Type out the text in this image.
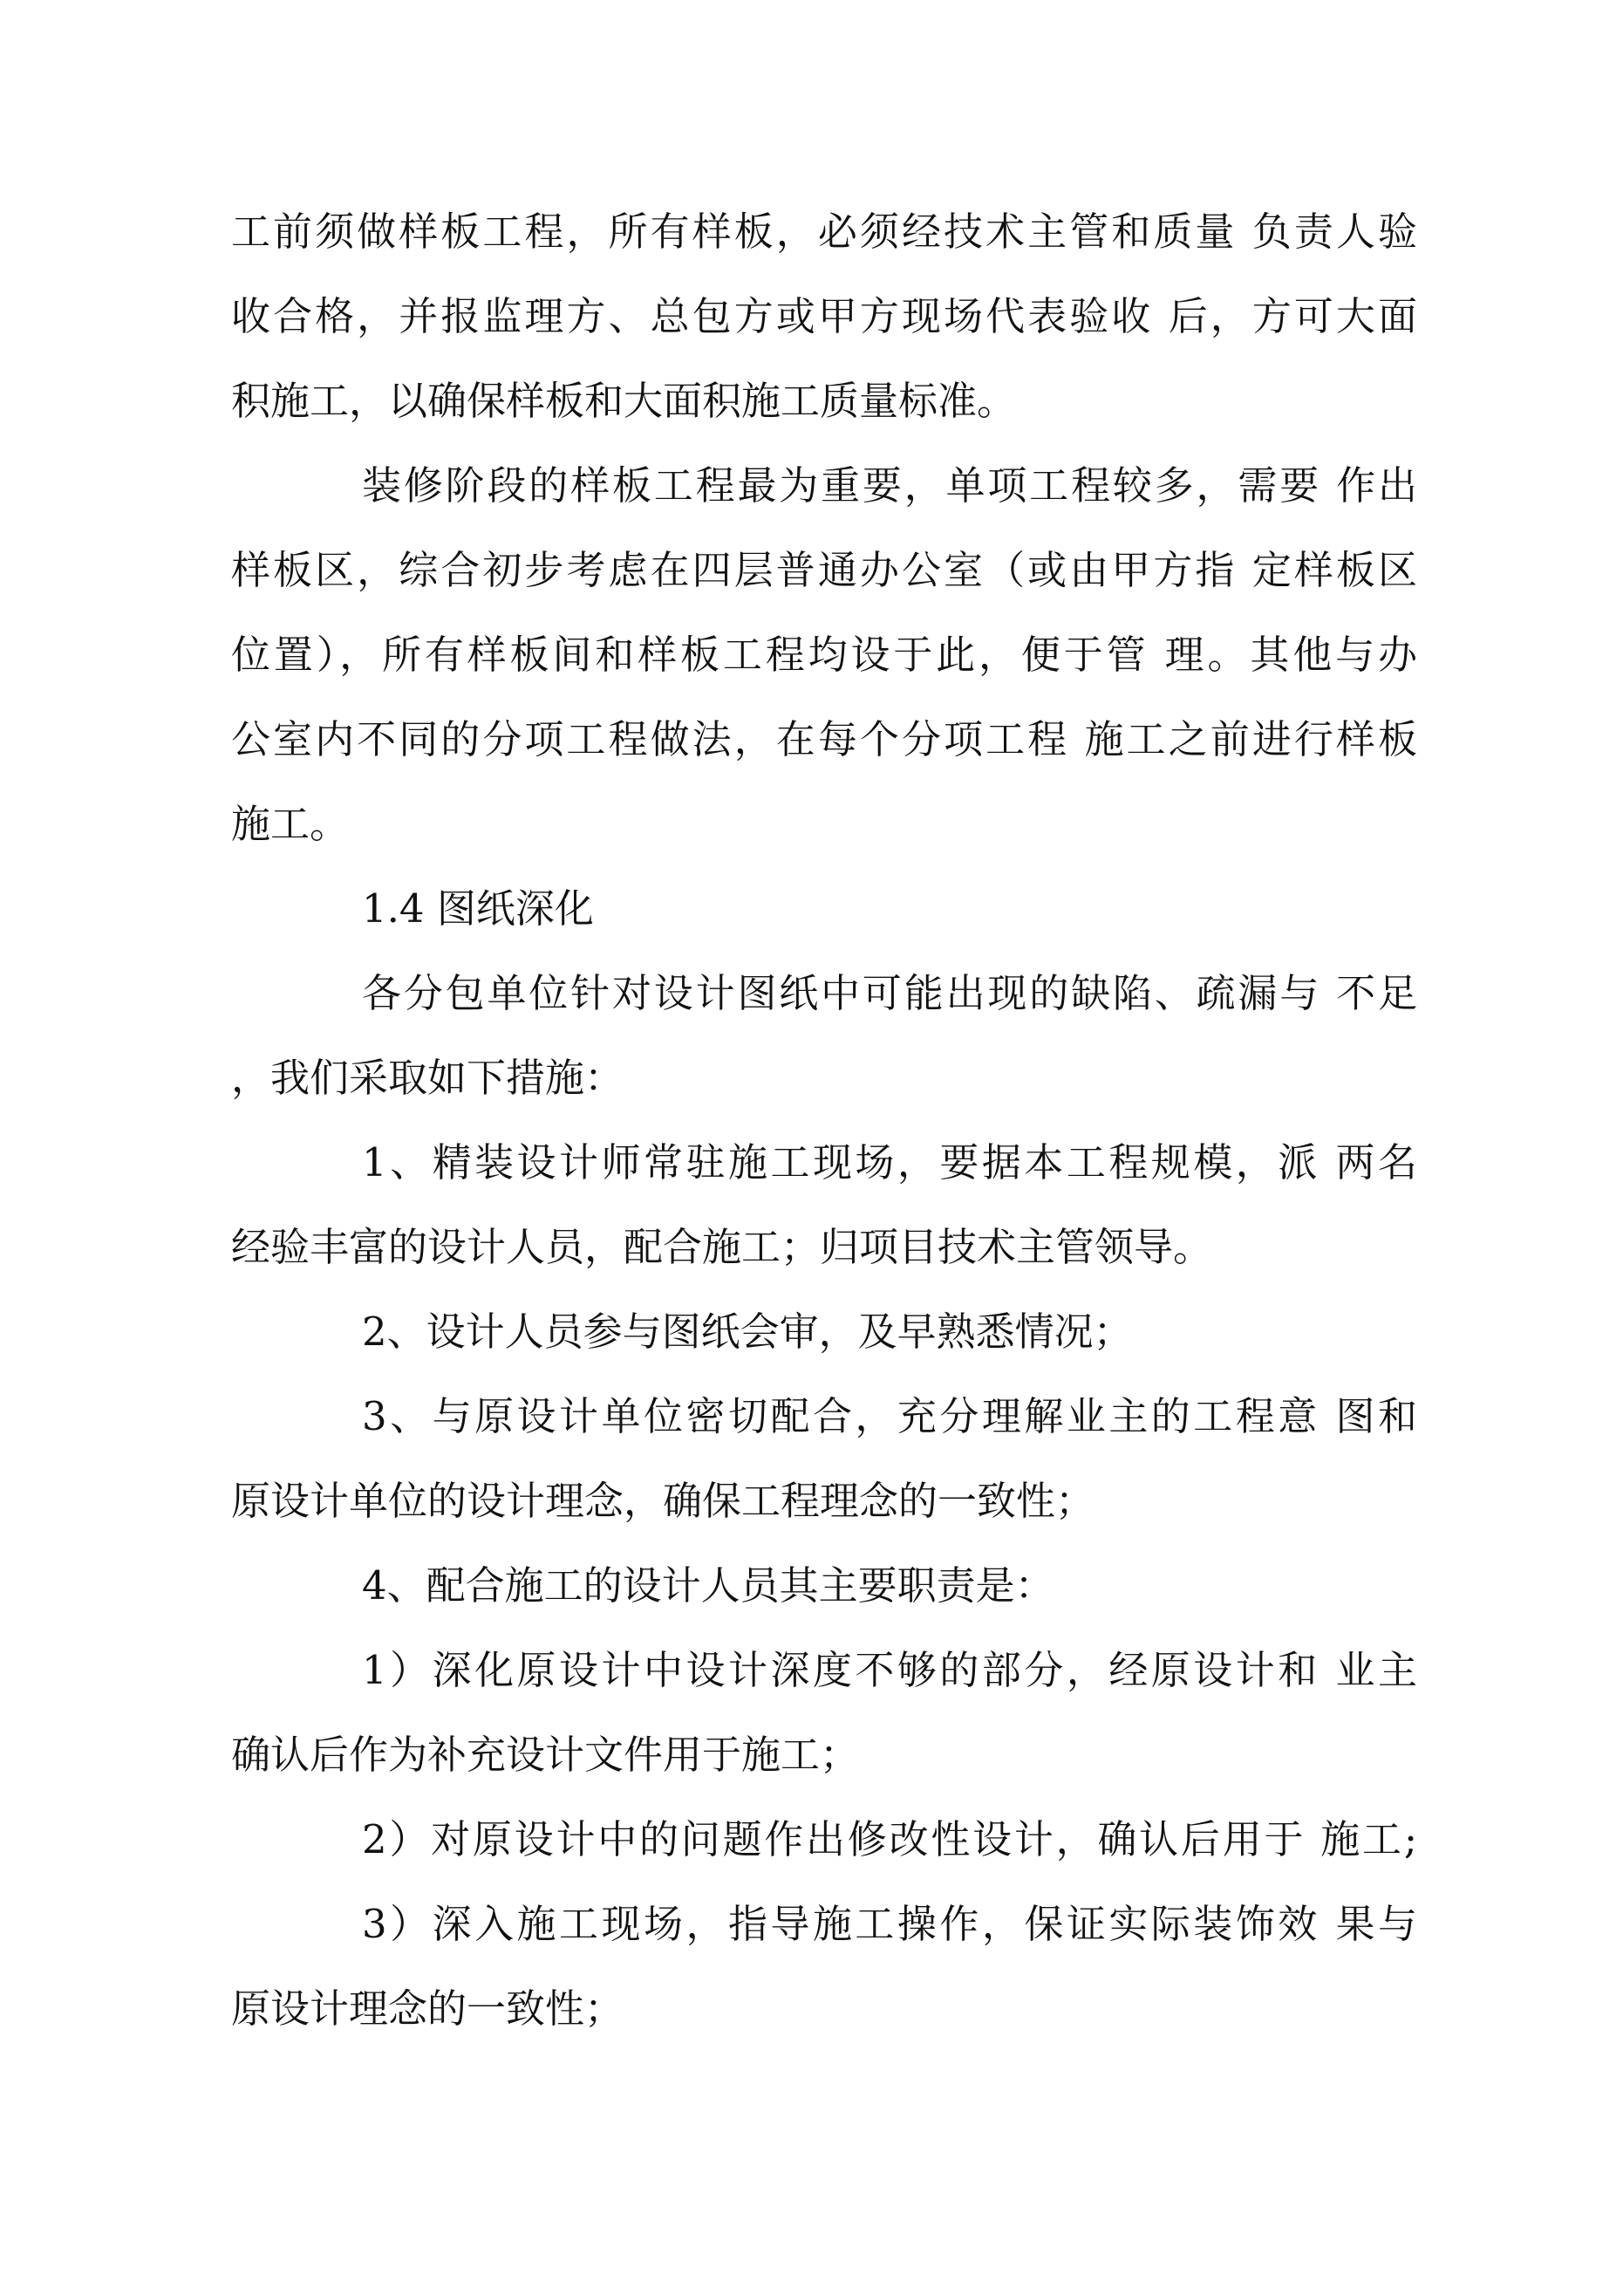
工前须做样板工程，所有样板，必须经技术主管和质量 负责人验
收合格，并报监理方、总包方或甲方现场代表验收 后，方可大面
积施工，以确保样板和大面积施工质量标准。
装修阶段的样板工程最为重要，单项工程较多，需要 作出
样板区，综合初步考虑在四层普通办公室（或由甲方指 定样板区
位置），所有样板间和样板工程均设于此，便于管 理。其他与办
公室内不同的分项工程做法，在每个分项工程 施工之前进行样板
施工。
1.4 图纸深化
各分包单位针对设计图纸中可能出现的缺陷、疏漏与 不足
，我们采取如下措施：
1、精装设计师常驻施工现场，要据本工程规模，派 两名
经验丰富的设计人员，配合施工；归项目技术主管领导。
2、设计人员参与图纸会审，及早熟悉情况；
3、与原设计单位密切配合，充分理解业主的工程意 图和
原设计单位的设计理念，确保工程理念的一致性；
4、配合施工的设计人员其主要职责是：
1）深化原设计中设计深度不够的部分，经原设计和 业主
确认后作为补充设计文件用于施工；
2）对原设计中的问题作出修改性设计，确认后用于 施工;
3）深入施工现场，指导施工操作，保证实际装饰效 果与
原设计理念的一致性；
